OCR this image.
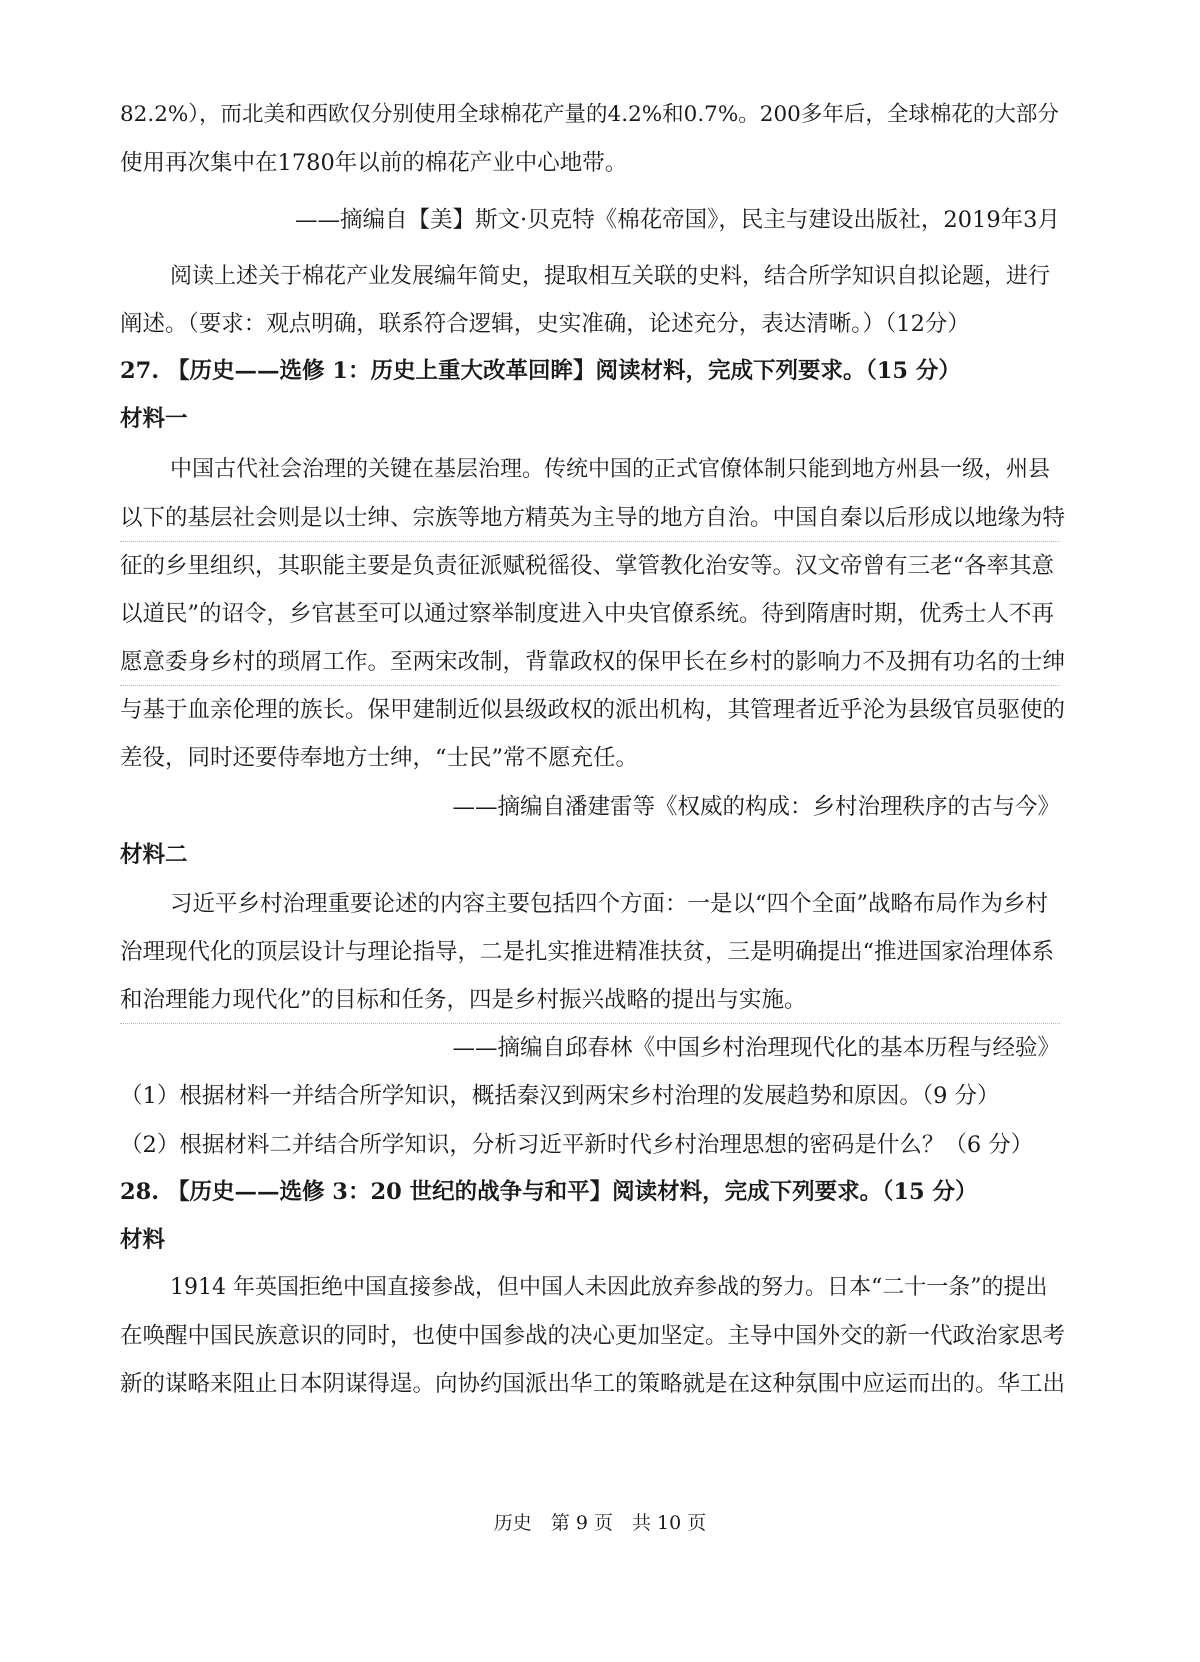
82.2%），而北美和西欧仅分别使用全球棉花产量的4.2%和0.7%。200多年后，全球棉花的大部分
使用再次集中在1780年以前的棉花产业中心地带。
——摘编自【美】斯文·贝克特《棉花帝国》，民主与建设出版社，2019年3月
阅读上述关于棉花产业发展编年简史，提取相互关联的史料，结合所学知识自拟论题，进行
阐述。（要求：观点明确，联系符合逻辑，史实准确，论述充分，表达清晰。）（12分）
27. 【历史——选修 1：历史上重大改革回眸】阅读材料，完成下列要求。（15 分）
材料一
中国古代社会治理的关键在基层治理。传统中国的正式官僚体制只能到地方州县一级，州县
以下的基层社会则是以士绅、宗族等地方精英为主导的地方自治。中国自秦以后形成以地缘为特
征的乡里组织，其职能主要是负责征派赋税徭役、掌管教化治安等。汉文帝曾有三老“各率其意
以道民”的诏令，乡官甚至可以通过察举制度进入中央官僚系统。待到隋唐时期，优秀士人不再
愿意委身乡村的琐屑工作。至两宋改制，背靠政权的保甲长在乡村的影响力不及拥有功名的士绅
与基于血亲伦理的族长。保甲建制近似县级政权的派出机构，其管理者近乎沦为县级官员驱使的
差役，同时还要侍奉地方士绅，“士民”常不愿充任。
——摘编自潘建雷等《权威的构成：乡村治理秩序的古与今》
材料二
习近平乡村治理重要论述的内容主要包括四个方面：一是以“四个全面”战略布局作为乡村
治理现代化的顶层设计与理论指导，二是扎实推进精准扶贫，三是明确提出“推进国家治理体系
和治理能力现代化”的目标和任务，四是乡村振兴战略的提出与实施。
——摘编自邱春林《中国乡村治理现代化的基本历程与经验》
（1）根据材料一并结合所学知识，概括秦汉到两宋乡村治理的发展趋势和原因。（9 分）
（2）根据材料二并结合所学知识，分析习近平新时代乡村治理思想的密码是什么？（6 分）
28. 【历史——选修 3：20 世纪的战争与和平】阅读材料，完成下列要求。（15 分）
材料
1914 年英国拒绝中国直接参战，但中国人未因此放弃参战的努力。日本“二十一条”的提出
在唤醒中国民族意识的同时，也使中国参战的决心更加坚定。主导中国外交的新一代政治家思考
新的谋略来阻止日本阴谋得逞。向协约国派出华工的策略就是在这种氛围中应运而出的。华工出
历史　第 9 页　共 10 页
